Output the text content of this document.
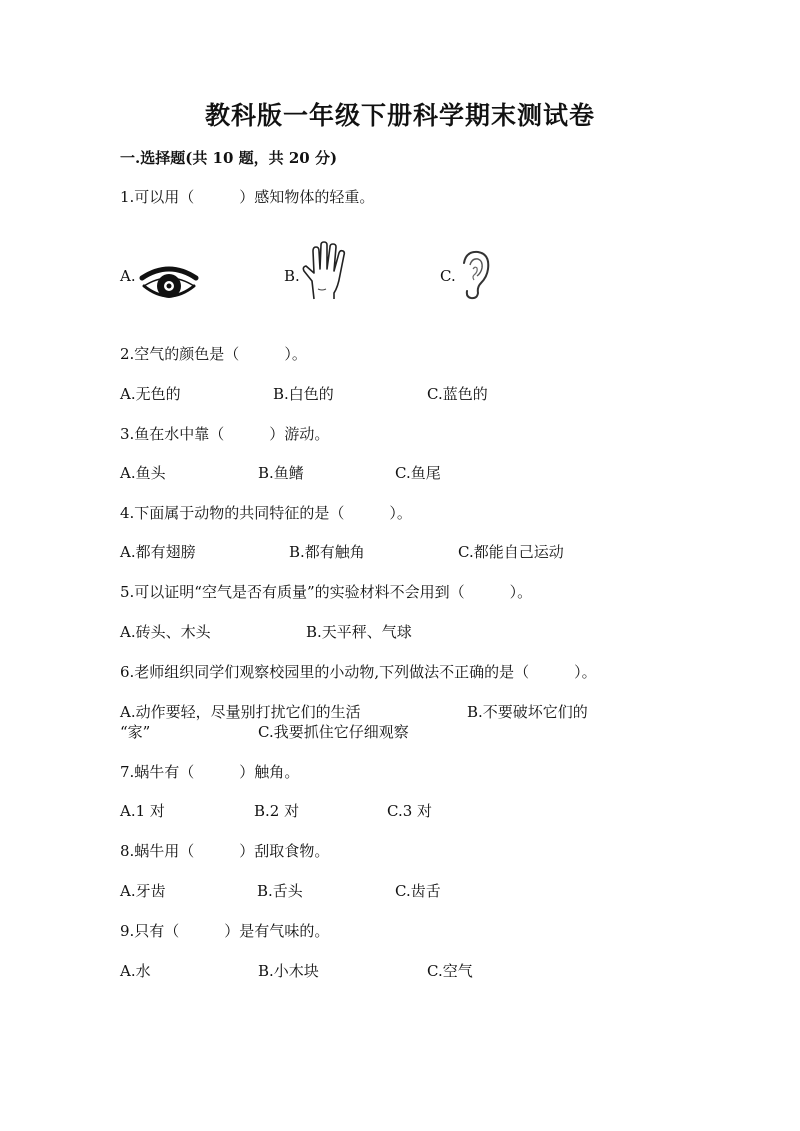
教科版一年级下册科学期末测试卷
一.选择题(共 10 题，共 20 分)
1.可以用（　　　）感知物体的轻重。
A.	B.	C.
2.空气的颜色是（　　　）。
A.无色的	B.白色的	C.蓝色的
3.鱼在水中靠（　　　）游动。
A.鱼头	B.鱼鳍	C.鱼尾
4.下面属于动物的共同特征的是（　　　）。
A.都有翅膀	B.都有触角	C.都能自己运动
5.可以证明“空气是否有质量”的实验材料不会用到（　　　）。
A.砖头、木头	B.天平秤、气球
6.老师组织同学们观察校园里的小动物,下列做法不正确的是（　　　）。
A.动作要轻，尽量别打扰它们的生活	B.不要破坏它们的
“家”	C.我要抓住它仔细观察
7.蜗牛有（　　　）触角。
A.1 对	B.2 对	C.3 对
8.蜗牛用（　　　）刮取食物。
A.牙齿	B.舌头	C.齿舌
9.只有（　　　）是有气味的。
A.水	B.小木块	C.空气
